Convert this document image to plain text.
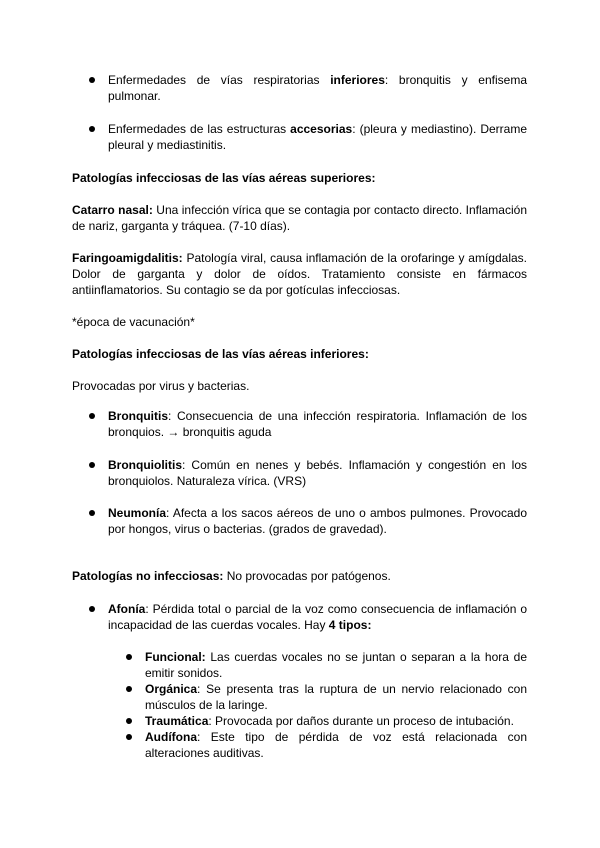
Enfermedades de vías respiratorias inferiores: bronquitis y enfisema pulmonar.
Enfermedades de las estructuras accesorias: (pleura y mediastino). Derrame pleural y mediastinitis.

Patologías infecciosas de las vías aéreas superiores:

Catarro nasal: Una infección vírica que se contagia por contacto directo. Inflamación de nariz, garganta y tráquea. (7-10 días).

Faringoamigdalitis: Patología viral, causa inflamación de la orofaringe y amígdalas. Dolor de garganta y dolor de oídos. Tratamiento consiste en fármacos antiinflamatorios. Su contagio se da por gotículas infecciosas.

*época de vacunación*

Patologías infecciosas de las vías aéreas inferiores:

Provocadas por virus y bacterias.

Bronquitis: Consecuencia de una infección respiratoria. Inflamación de los bronquios. → bronquitis aguda
Bronquiolitis: Común en nenes y bebés. Inflamación y congestión en los bronquiolos. Naturaleza vírica. (VRS)
Neumonía: Afecta a los sacos aéreos de uno o ambos pulmones. Provocado por hongos, virus o bacterias. (grados de gravedad).

Patologías no infecciosas: No provocadas por patógenos.

Afonía: Pérdida total o parcial de la voz como consecuencia de inflamación o incapacidad de las cuerdas vocales. Hay 4 tipos:
Funcional: Las cuerdas vocales no se juntan o separan a la hora de emitir sonidos.
Orgánica: Se presenta tras la ruptura de un nervio relacionado con músculos de la laringe.
Traumática: Provocada por daños durante un proceso de intubación.
Audífona: Este tipo de pérdida de voz está relacionada con alteraciones auditivas.
